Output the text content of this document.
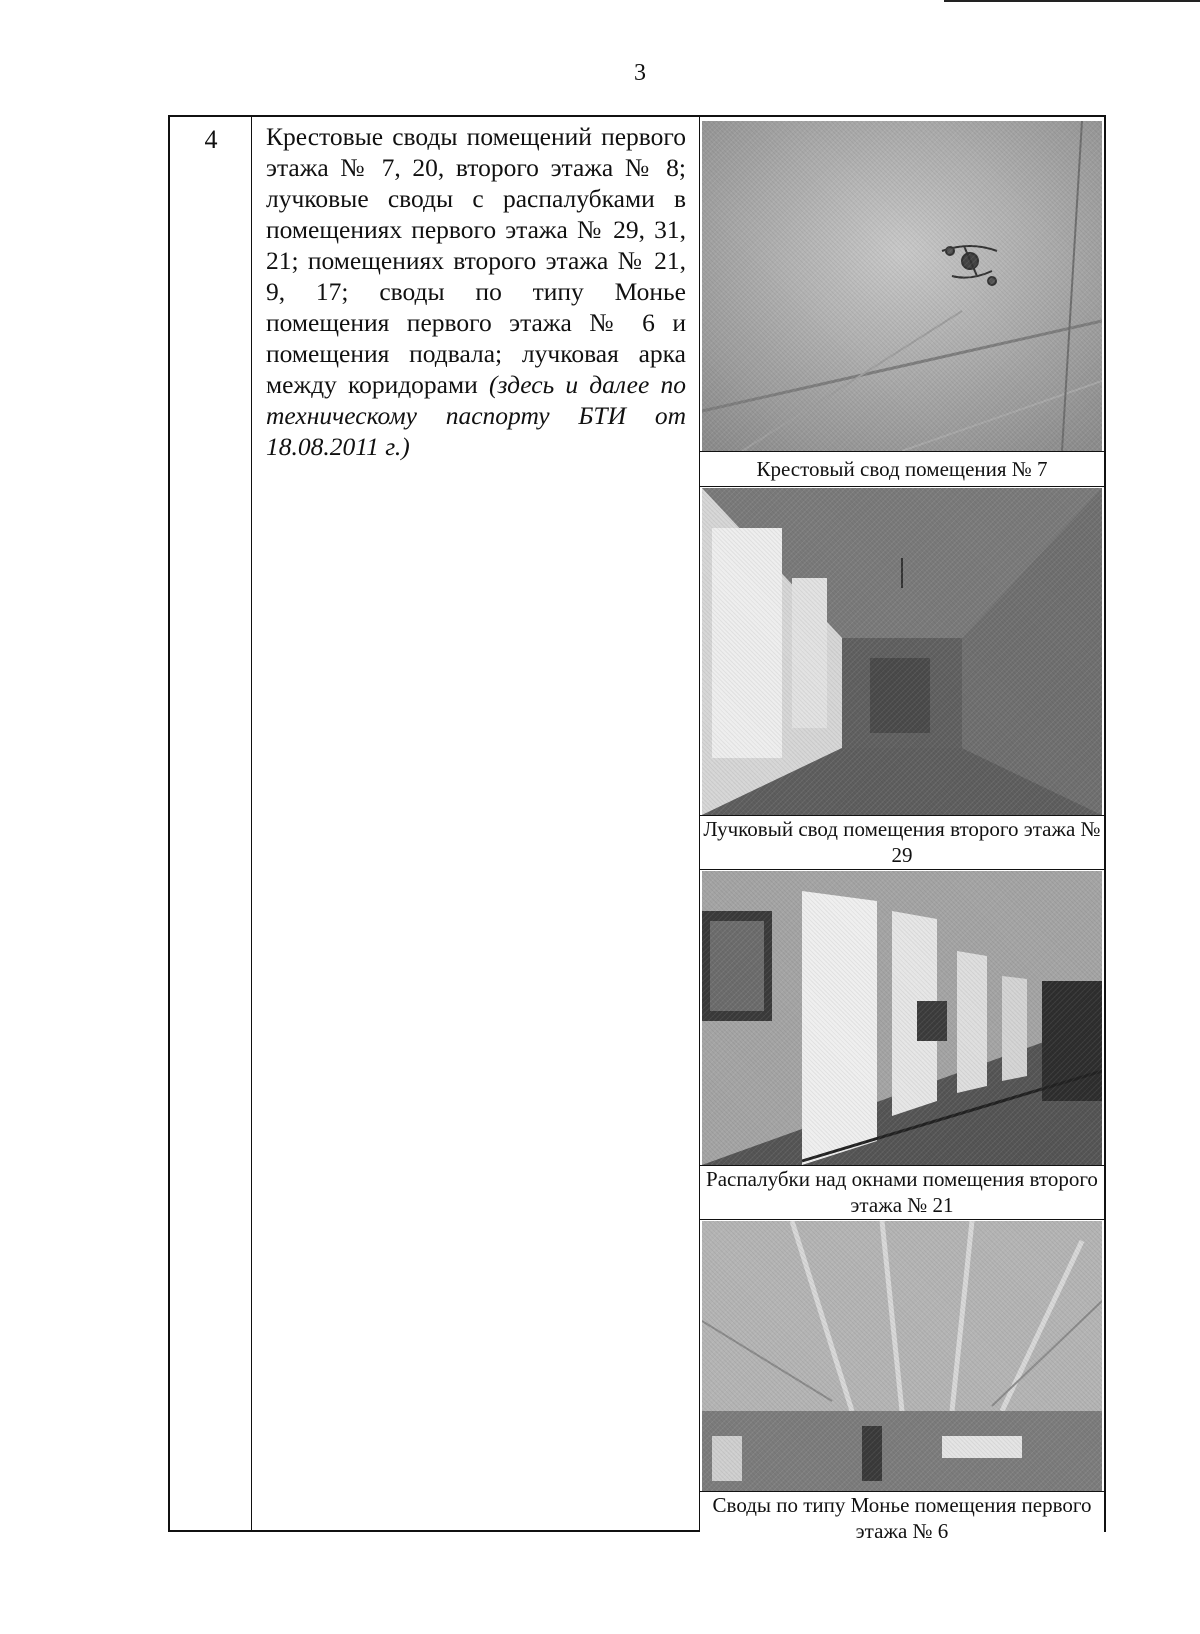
3
4	Крестовые своды помещений первого этажа № 7, 20, второго этажа № 8; лучковые своды с распалубками в помещениях первого этажа № 29, 31, 21; помещениях второго этажа № 21, 9, 17; своды по типу Монье помещения первого этажа № 6 и помещения подвала; лучковая арка между коридорами (здесь и далее по техническому паспорту БТИ от 18.08.2011 г.)
Крестовый свод помещения № 7
Лучковый свод помещения второго этажа № 29
Распалубки над окнами помещения второго этажа № 21
Своды по типу Монье помещения первого этажа № 6
